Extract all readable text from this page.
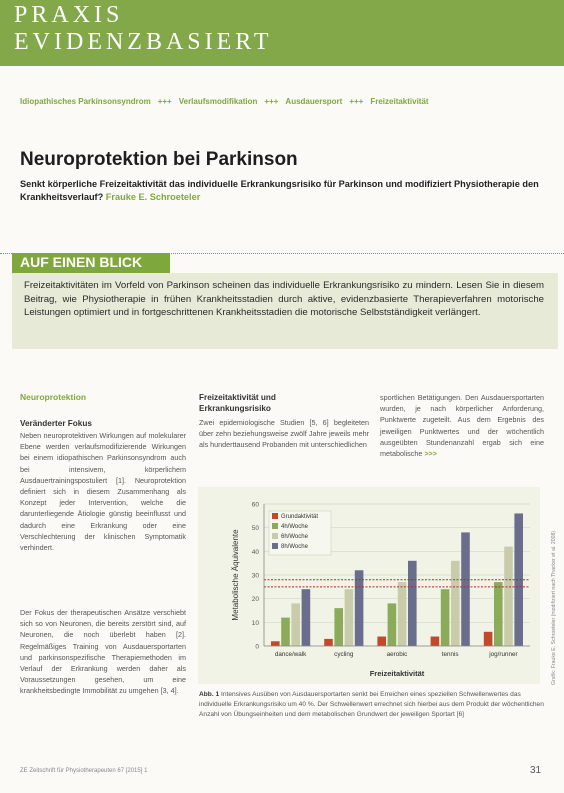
PRAXIS
EVIDENZBASIERT
Idiopathisches Parkinsonsyndrom +++ Verlaufsmodifikation +++ Ausdauersport +++ Freizeitaktivität
Neuroprotektion bei Parkinson
Senkt körperliche Freizeitaktivität das individuelle Erkrankungsrisiko für Parkinson und modifiziert Physiotherapie den Krankheitsverlauf? Frauke E. Schroeteler
AUF EINEN BLICK
Freizeitaktivitäten im Vorfeld von Parkinson scheinen das individuelle Erkrankungsrisiko zu mindern. Lesen Sie in diesem Beitrag, wie Physiotherapie in frühen Krankheitsstadien durch aktive, evidenzbasierte Therapieverfahren motorische Leistungen optimiert und in fortgeschrittenen Krankheitsstadien die motorische Selbstständigkeit verlängert.
Neuroprotektion
Veränderter Fokus
Neben neuroprotektiven Wirkungen auf molekularer Ebene werden verlaufsmodifizierende Wirkungen bei einem idiopathischen Parkinsonsyndrom auch bei intensivem, körperlichem Ausdauertrainingspostuliert [1]. Neuroprotektion definiert sich in diesem Zusammenhang als Konzept jeder Intervention, welche die darunterliegende Ätiologie günstig beeinflusst und dadurch eine Erkrankung oder eine Verschlechterung der klinischen Symptomatik verhindert.
Der Fokus der therapeutischen Ansätze verschiebt sich so von Neuronen, die bereits zerstört sind, auf Neuronen, die noch überlebt haben [2]. Regelmäßiges Training von Ausdauersportarten und parkinsonspezifische Therapiemethoden im Verlauf der Erkrankung werden daher als Voraussetzungen gesehen, um eine krankheitsbedingte Immobilität zu umgehen [3, 4].
Freizeitaktivität und Erkrankungsrisiko
Zwei epidemiologische Studien [5, 6] begleiteten über zehn beziehungsweise zwölf Jahre jeweils mehr als hunderttausend Probanden mit unterschiedlichen
sportlichen Betätigungen. Den Ausdauersportarten wurden, je nach körperlicher Anforderung, Punktwerte zugeteilt. Aus dem Ergebnis des jeweiligen Punktwertes und der wöchentlich ausgeübten Stundenanzahl ergab sich eine metabolische >>>
0
10
20
30
40
50
60
dance/walk	cycling	aerobic	tennis	jog/runner
Freizeitaktivität
Metabolische Äquivalente
Grundaktivität
4h/Woche
6h/Woche
8h/Woche	Grafik: Frauke E. Schroeteler (modifiziert nach Thacker et al. 2008)
Abb. 1 Intensives Ausüben von Ausdauersportarten senkt bei Erreichen eines speziellen Schwellenwertes das individuelle Erkrankungsrisiko um 40 %. Der Schwellenwert errechnet sich hierbei aus dem Produkt der wöchentlichen Anzahl von Übungseinheiten und dem metabolischen Grundwert der jeweiligen Sportart [6]
ZE Zeitschrift für Physiotherapeuten 67 [2015] 1	31
